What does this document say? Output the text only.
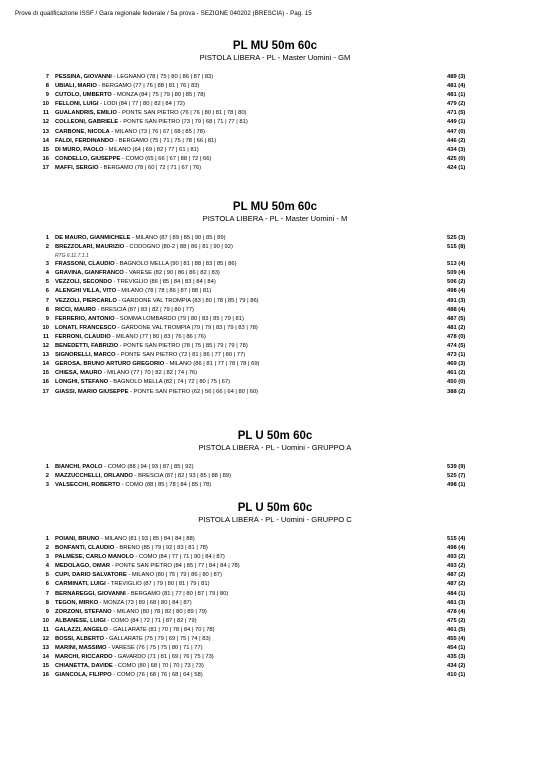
Prove di qualificazione ISSF / Gara regionale federale / 5a prova - SEZIONE 040202 (BRESCIA) - Pag. 15
PL MU 50m 60c
PISTOLA LIBERA - PL - Master Uomini - GM
7 PESSINA, GIOVANNI - LEGNANO (78 | 75 | 80 | 86 | 87 | 83)	489 (3)
8 UBIALI, MARIO - BERGAMO (77 | 76 | 88 | 81 | 76 | 83)	481 (4)
9 CUTOLO, UMBERTO - MONZA (84 | 75 | 79 | 80 | 85 | 78)	481 (1)
10 FELLONI, LUIGI - LODI (84 | 77 | 80 | 82 | 84 | 72)	479 (2)
11 GUALANDRIS, EMILIO - PONTE SAN PIETRO (76 | 76 | 80 | 81 | 78 | 80)	471 (5)
12 COLLEONI, GABRIELE - PONTE SAN PIETRO (73 | 79 | 68 | 71 | 77 | 81)	449 (1)
13 CARBONE, NICOLA - MILANO (73 | 76 | 67 | 68 | 85 | 78)	447 (0)
14 FALDI, FERDINANDO - BERGAMO (75 | 71 | 75 | 78 | 66 | 81)	446 (2)
15 DI MURO, PAOLO - MILANO (64 | 69 | 82 | 77 | 61 | 81)	434 (3)
16 CONDELLO, GIUSEPPE - COMO (65 | 66 | 67 | 88 | 72 | 66)	425 (0)
17 MAFFI, SERGIO - BERGAMO (78 | 60 | 72 | 71 | 67 | 76)	424 (1)
PL MU 50m 60c
PISTOLA LIBERA - PL - Master Uomini - M
1 DE MAURO, GIANMICHELE - MILANO (87 | 89 | 85 | 90 | 85 | 89)	525 (3)
2 BREZZOLARI, MAURIZIO - CODOGNO (80-2 | 88 | 86 | 81 | 90 | 92)	515 (8)
RTG 6.11.7.1.1
3 FRASSONI, CLAUDIO - BAGNOLO MELLA (90 | 81 | 88 | 83 | 85 | 86)	513 (4)
4 GRAVINA, GIANFRANCO - VARESE (82 | 90 | 86 | 86 | 82 | 83)	509 (4)
5 VEZZOLI, SECONDO - TREVIGLIO (86 | 85 | 84 | 83 | 84 | 84)	506 (2)
6 ALENGHI VILLA, VITO - MILANO (78 | 78 | 86 | 87 | 88 | 81)	498 (4)
7 VEZZOLI, PIERCARLO - GARDONE VAL TROMPIA (83 | 80 | 78 | 85 | 79 | 86)	491 (3)
8 RICCI, MAURO - BRESCIA (87 | 83 | 82 | 79 | 80 | 77)	488 (4)
9 FERRERIO, ANTONIO - SOMMA LOMBARDO (79 | 80 | 83 | 85 | 79 | 81)	487 (5)
10 LONATI, FRANCESCO - GARDONE VAL TROMPIA (79 | 79 | 83 | 79 | 83 | 78)	481 (2)
11 FERRONI, CLAUDIO - MILANO (77 | 80 | 83 | 76 | 86 | 76)	478 (0)
12 BENEDETTI, FABRIZIO - PONTE SAN PIETRO (78 | 75 | 85 | 79 | 79 | 78)	474 (5)
13 SIGNORELLI, MARCO - PONTE SAN PIETRO (72 | 81 | 86 | 77 | 80 | 77)	473 (1)
14 GEROSA, BRUNO ARTURO GREGORIO - MILANO (86 | 81 | 77 | 78 | 78 | 69)	469 (3)
15 CHIESA, MAURO - MILANO (77 | 70 | 82 | 82 | 74 | 76)	461 (2)
16 LONGHI, STEFANO - BAGNOLO MELLA (82 | 74 | 72 | 80 | 75 | 67)	450 (0)
17 GIASSI, MARIO GIUSEPPE - PONTE SAN PIETRO (62 | 56 | 66 | 64 | 80 | 60)	388 (2)
PL U 50m 60c
PISTOLA LIBERA - PL - Uomini - GRUPPO A
1 BIANCHI, PAOLO - COMO (88 | 94 | 93 | 87 | 85 | 92)	539 (9)
2 MAZZUCCHELLI, ORLANDO - BRESCIA (87 | 82 | 93 | 85 | 88 | 89)	525 (7)
3 VALSECCHI, ROBERTO - COMO (88 | 85 | 78 | 84 | 85 | 78)	498 (1)
PL U 50m 60c
PISTOLA LIBERA - PL - Uomini - GRUPPO C
1 POIANI, BRUNO - MILANO (81 | 93 | 85 | 84 | 84 | 88)	515 (4)
2 BONFANTI, CLAUDIO - BRENO (85 | 79 | 92 | 83 | 81 | 78)	498 (4)
3 PALMESE, CARLO MANOLO - COMO (84 | 77 | 71 | 90 | 84 | 87)	493 (2)
4 MEDOLAGO, OMAR - PONTE SAN PIETRO (84 | 85 | 77 | 84 | 84 | 78)	493 (2)
5 CUPI, DARIO SALVATORE - MILANO (80 | 75 | 79 | 86 | 80 | 87)	487 (2)
6 CARMINATI, LUIGI - TREVIGLIO (87 | 79 | 80 | 81 | 79 | 81)	487 (2)
7 BERNAREGGI, GIOVANNI - BERGAMO (81 | 77 | 80 | 87 | 79 | 80)	484 (1)
8 TEGON, MIRKO - MONZA (73 | 89 | 68 | 80 | 84 | 87)	481 (3)
9 ZORZONI, STEFANO - MILANO (80 | 78 | 82 | 80 | 89 | 79)	478 (4)
10 ALBANESE, LUIGI - COMO (84 | 72 | 71 | 87 | 82 | 79)	475 (2)
11 GALAZZI, ANGELO - GALLARATE (81 | 70 | 78 | 84 | 70 | 78)	461 (5)
12 BOSSI, ALBERTO - GALLARATE (75 | 79 | 69 | 75 | 74 | 83)	455 (4)
13 MARINI, MASSIMO - VARESE (76 | 75 | 75 | 80 | 71 | 77)	454 (1)
14 MARCHI, RICCARDO - GAVARDO (71 | 81 | 69 | 76 | 75 | 73)	435 (3)
15 CHIANETTA, DAVIDE - COMO (80 | 68 | 70 | 70 | 73 | 73)	434 (2)
16 GIANCOLA, FILIPPO - COMO (76 | 68 | 76 | 68 | 64 | 58)	410 (1)
